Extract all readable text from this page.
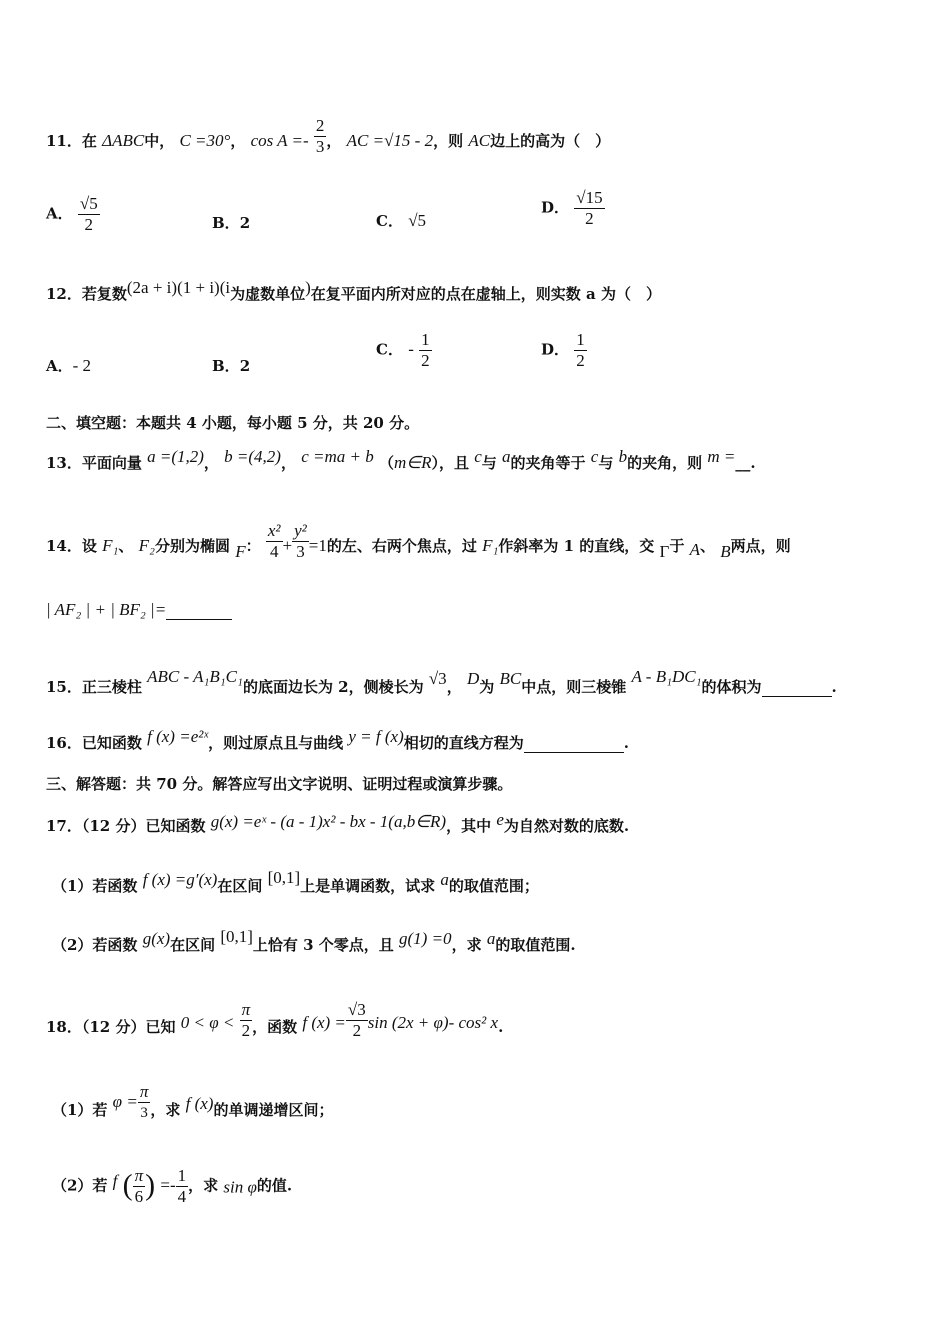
11．在 ΔABC中， C =30°， $\cos A =- \frac{2}{3}$ ， AC =√15 - 2，则 AC边上的高为（　）
A． $\frac{√5}{2}$	B．2	C． √5
D． $\frac{√15}{2}$
12．若复数(2a + i)(1 + i)(i为虚数单位)在复平面内所对应的点在虚轴上，则实数 a 为（　）
A．- 2	B．2
C． - $\frac{1}{2}$	D． $\frac{1}{2}$
二、填空题：本题共 4 小题，每小题 5 分，共 20 分。
13．平面向量 a =(1,2)， b =(4,2)， c =ma + b （m∈R），且 c与 a的夹角等于 c与 b的夹角，则 m =__.
14．设 F₁、 F₂分别为椭圆 F： $\frac{\text{x²}}{4} + \frac{\text{y²}}{3} =1$的左、右两个焦点，过 F₁作斜率为 1 的直线，交 Γ于 A、 B两点，则
| AF₂ | + | BF₂ |=
15．正三棱柱 ABC - A₁B₁C₁的底面边长为 2，侧棱长为 √3， D为 BC中点，则三棱锥 A - B₁DC₁的体积为	.
16．已知函数 f (x) =e²ˣ，则过原点且与曲线 y = f (x)相切的直线方程为	.
三、解答题：共 70 分。解答应写出文字说明、证明过程或演算步骤。
17．（12 分）已知函数 g(x) =eˣ - (a - 1)x² - bx - 1(a,b∈R)，其中 e为自然对数的底数.
（1）若函数 f (x) =g′(x)在区间 [0,1]上是单调函数，试求 a的取值范围；
（2）若函数 g(x)在区间 [0,1]上恰有 3 个零点，且 g(1) =0，求 a的取值范围.
18．（12 分）已知 $0 < \varphi < \frac{\pi}{2}$ ，函数 f $(x) = \frac{√3}{2}$ sin (2x + φ)- cos² x.
（1）若 $\varphi = \frac{\pi}{3}$ ，求 f (x)的单调递增区间；
（2）若 f ( $\frac{\pi}{6}$ ) =- $\frac{1}{4}$ ，求 sin φ的值.
